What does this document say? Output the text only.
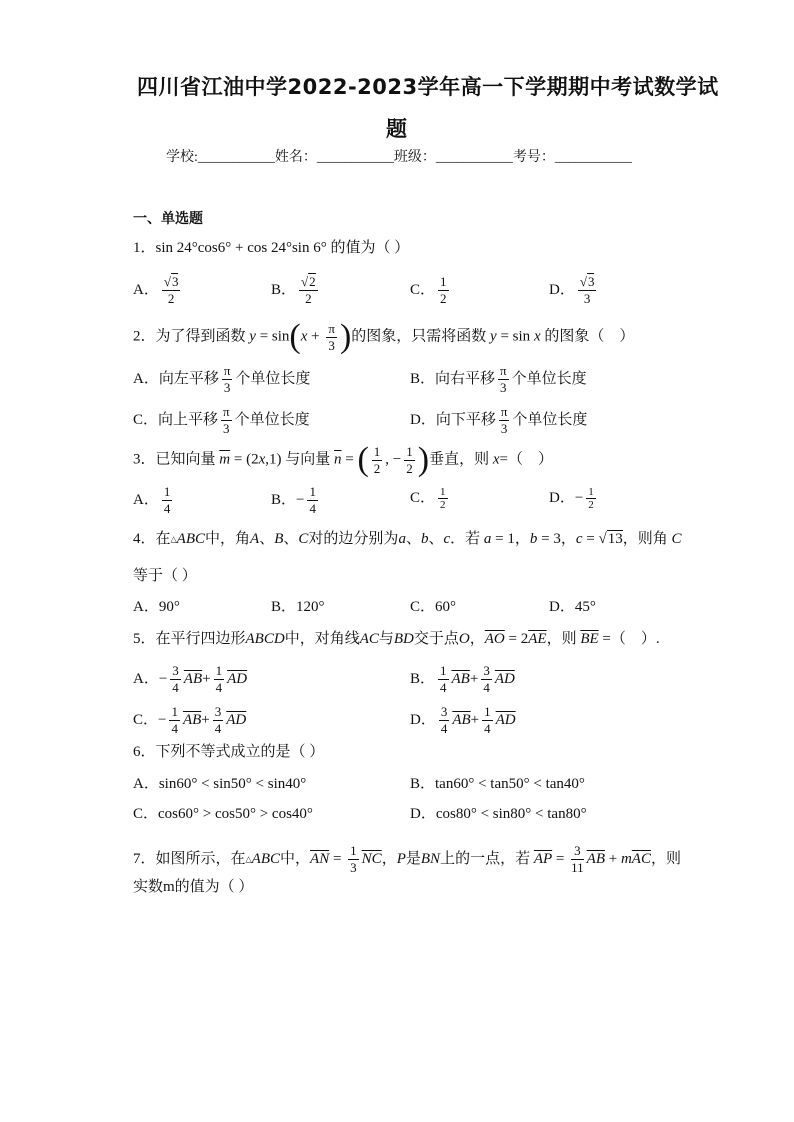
四川省江油中学2022-2023学年高一下学期期中考试数学试
题
学校:___________姓名：___________班级：___________考号：___________
一、单选题
1．sin 24°cos6° + cos 24°sin 6° 的值为（ ）
A． $\frac{√3}{2}$	B． $\frac{√2}{2}$	C． $\frac{1}{2}$	D． $\frac{√3}{3}$
2．为了得到函数 $y = \sin(x + \frac{\pi}{3}$ )的图象，只需将函数 y = sin x 的图象（　）
A．向左平移 $\frac{\pi}{3}$ 个单位长度	B．向右平移 $\frac{\pi}{3}$ 个单位长度
C．向上平移 $\frac{\pi}{3}$ 个单位长度	D．向下平移 $\frac{\pi}{3}$ 个单位长度
3．已知向量 $\overline{m} = (2x,1)$ 与向量 $\overline{n}$ = ( $\frac{1}{2}$ , − $\frac{1}{2}$ )垂直，则 x=（　）
A． $\frac{1}{4}$	B．− $\frac{1}{4}$	C． $\frac{1}{2}$	D．− $\frac{1}{2}$
4．在△ABC中，角A、B、C对的边分别为a、b、c．若 a = 1，b = 3，c = √13，则角 C
等于（ ）
A．90°	B．120°	C．60°	D．45°
5．在平行四边形ABCD中，对角线AC与BD交于点O，$\overline{AO} = 2\overline{AE}$，则 $\overline{BE}$ =（　）.
A．− $\frac{3}{4} \overline{AB}+ \frac{1}{4} \overline{AD}$	B． $\frac{1}{4} \overline{AB}+ \frac{3}{4} \overline{AD}$
C．− $\frac{1}{4} \overline{AB}+ \frac{3}{4} \overline{AD}$	D． $\frac{3}{4} \overline{AB}+ \frac{1}{4} \overline{AD}$
6．下列不等式成立的是（ ）
A．sin60° < sin50° < sin40°	B．tan60° < tan50° < tan40°
C．cos60° > cos50° > cos40°	D．cos80° < sin80° < tan80°
7．如图所示，在△ABC中，$\overline{AN} = \frac{1}{3} \overline{NC}$，P是BN上的一点，若 $\overline{AP} = \frac{3}{11} \overline{AB} + m\overline{AC}$，则
实数m的值为（ ）
